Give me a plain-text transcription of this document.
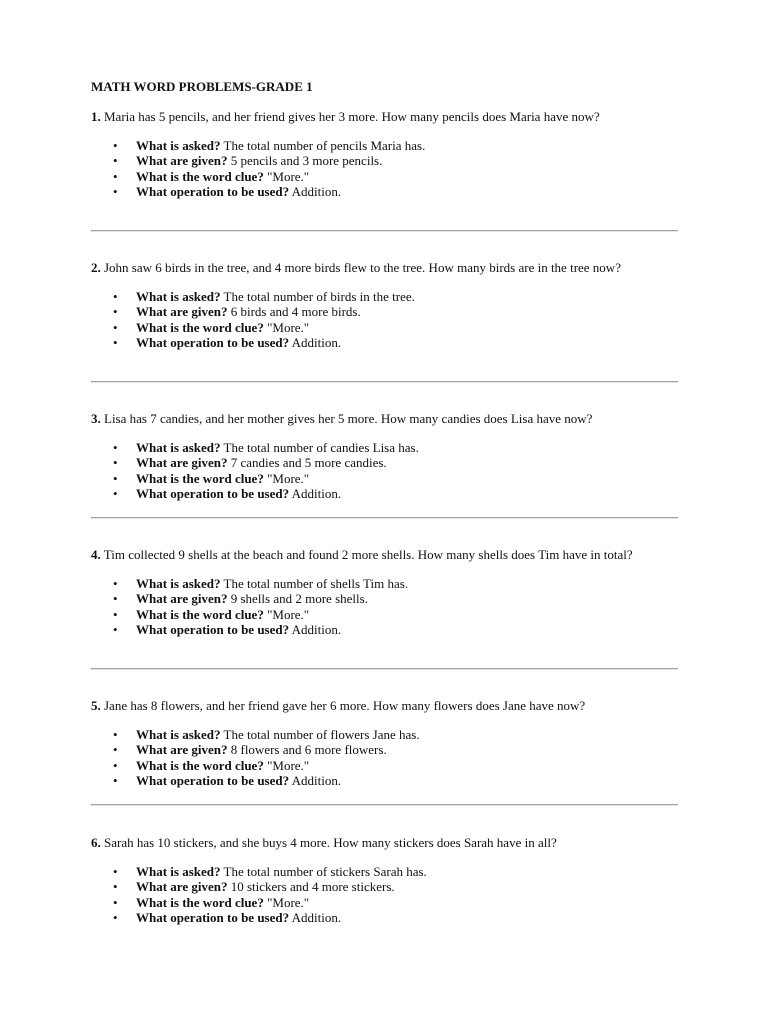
MATH WORD PROBLEMS-GRADE 1

1. Maria has 5 pencils, and her friend gives her 3 more. How many pencils does Maria have now?

• What is asked? The total number of pencils Maria has.
• What are given? 5 pencils and 3 more pencils.
• What is the word clue? "More."
• What operation to be used? Addition.

2. John saw 6 birds in the tree, and 4 more birds flew to the tree. How many birds are in the tree now?

• What is asked? The total number of birds in the tree.
• What are given? 6 birds and 4 more birds.
• What is the word clue? "More."
• What operation to be used? Addition.

3. Lisa has 7 candies, and her mother gives her 5 more. How many candies does Lisa have now?

• What is asked? The total number of candies Lisa has.
• What are given? 7 candies and 5 more candies.
• What is the word clue? "More."
• What operation to be used? Addition.

4. Tim collected 9 shells at the beach and found 2 more shells. How many shells does Tim have in total?

• What is asked? The total number of shells Tim has.
• What are given? 9 shells and 2 more shells.
• What is the word clue? "More."
• What operation to be used? Addition.

5. Jane has 8 flowers, and her friend gave her 6 more. How many flowers does Jane have now?

• What is asked? The total number of flowers Jane has.
• What are given? 8 flowers and 6 more flowers.
• What is the word clue? "More."
• What operation to be used? Addition.

6. Sarah has 10 stickers, and she buys 4 more. How many stickers does Sarah have in all?

• What is asked? The total number of stickers Sarah has.
• What are given? 10 stickers and 4 more stickers.
• What is the word clue? "More."
• What operation to be used? Addition.
